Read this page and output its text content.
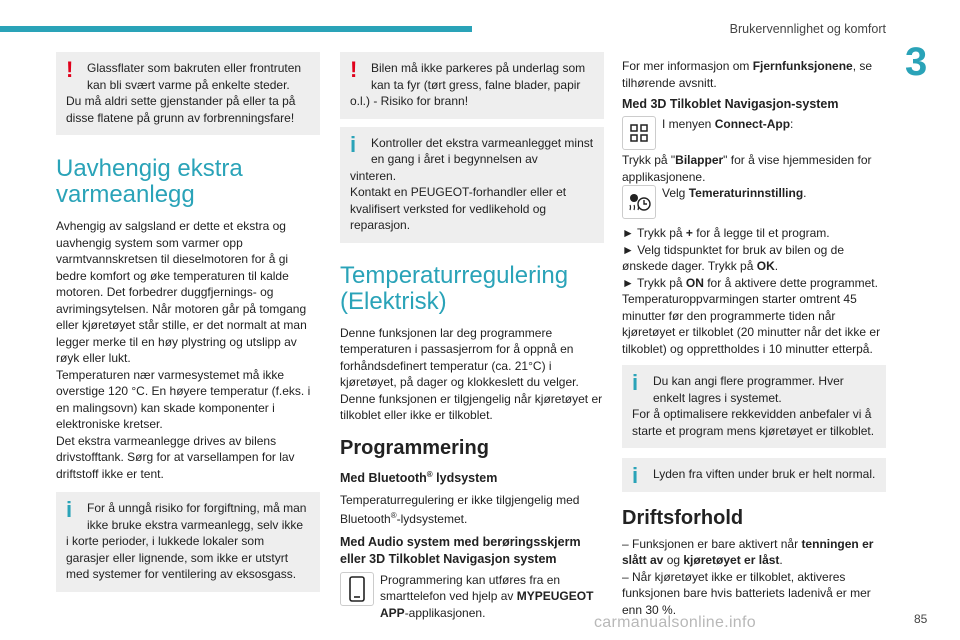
Brukervennlighet og komfort
3
!	Glassflater som bakruten eller frontruten kan bli svært varme på enkelte steder.

Du må aldri sette gjenstander på eller ta på disse flatene på grunn av forbrenningsfare!

Uavhengig ekstra
varmeanlegg

Avhengig av salgsland er dette et ekstra og uavhengig system som varmer opp varmtvannskretsen til dieselmotoren for å gi bedre komfort og øke temperaturen til kalde motoren. Det forbedrer duggfjernings- og avrimingsytelsen. Når motoren går på tomgang eller kjøretøyet står stille, er det normalt at man legger merke til en høy plystring og utslipp av røyk eller lukt.

Temperaturen nær varmesystemet må ikke overstige 120 °C. En høyere temperatur (f.eks. i en malingsovn) kan skade komponenter i elektroniske kretser.

Det ekstra varmeanlegge drives av bilens drivstofftank. Sørg for at varsellampen for lav driftstoff ikke er tent.

i	For å unngå risiko for forgiftning, må man ikke bruke ekstra varmeanlegg, selv ikke

i korte perioder, i lukkede lokaler som garasjer eller lignende, som ikke er utstyrt med systemer for ventilering av eksosgass.

!	Bilen må ikke parkeres på underlag som kan ta fyr (tørt gress, falne blader, papir

o.l.) - Risiko for brann!

i	Kontroller det ekstra varmeanlegget minst en gang i året i begynnelsen av

vinteren.

Kontakt en PEUGEOT-forhandler eller et kvalifisert verksted for vedlikehold og reparasjon.

Temperaturregulering
(Elektrisk)

Denne funksjonen lar deg programmere temperaturen i passasjerrom for å oppnå en forhåndsdefinert temperatur (ca. 21°C) i kjøretøyet, på dager og klokkeslett du velger.

Denne funksjonen er tilgjengelig når kjøretøyet er tilkoblet eller ikke er tilkoblet.

Programmering
Med Bluetooth® lydsystem

Temperaturregulering er ikke tilgjengelig med Bluetooth®-lydsystemet.

Med Audio system med berøringsskjerm eller 3D Tilkoblet Navigasjon system

Programmering kan utføres fra en smarttelefon ved hjelp av MYPEUGEOT APP-applikasjonen.

For mer informasjon om Fjernfunksjonene, se tilhørende avsnitt.

Med 3D Tilkoblet Navigasjon-system

I menyen Connect-App:

Trykk på "Bilapper" for å vise hjemmesiden for applikasjonene.

Velg Temeraturinnstilling.

► Trykk på + for å legge til et program.

► Velg tidspunktet for bruk av bilen og de ønskede dager. Trykk på OK.

► Trykk på ON for å aktivere dette programmet.

Temperaturoppvarmingen starter omtrent 45 minutter før den programmerte tiden når kjøretøyet er tilkoblet (20 minutter når det ikke er tilkoblet) og opprettholdes i 10 minutter etterpå.

i	Du kan angi flere programmer. Hver enkelt lagres i systemet.

For å optimalisere rekkevidden anbefaler vi å starte et program mens kjøretøyet er tilkoblet.

i	Lyden fra viften under bruk er helt normal.

Driftsforhold

– Funksjonen er bare aktivert når tenningen er slått av og kjøretøyet er låst.

– Når kjøretøyet ikke er tilkoblet, aktiveres funksjonen bare hvis batteriets ladenivå er mer enn 30 %.

carmanualsonline.info	85
